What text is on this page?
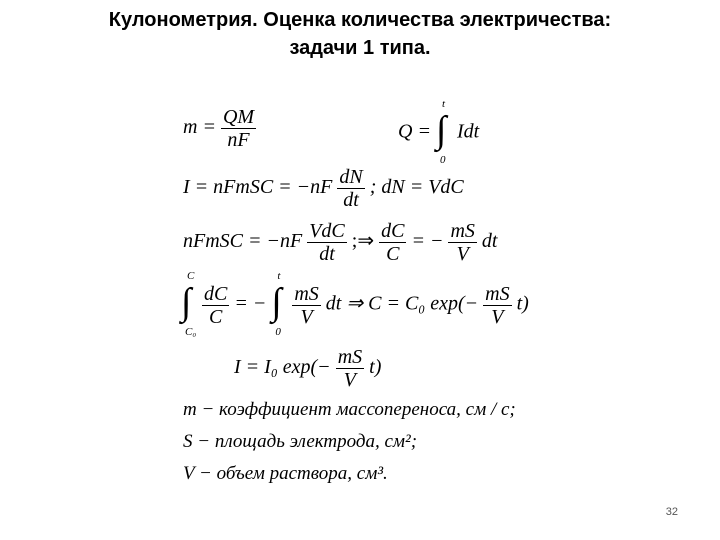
Кулонометрия. Оценка количества электричества:
задачи 1 типа.
$m = \frac{QM}{nF}$	Q = ∫
t
0
Idt
I = nFmSC = $-nF \frac{dN}{dt}$ ; dN = VdC
nFmSC = $-nF \frac{\text{VdC}}{dt}$ ;⇒ $\frac{dC}{C}$ = − $\frac{mS}{V}$ dt
∫
C
C₀

$\frac{dC}{C}$ = − ∫
t
0

$\frac{mS}{V}$ dt ⇒ C = C₀ $\exp(- \frac{mS}{V} t)$
I = I₀ $\exp(- \frac{mS}{V} t)$
m − коэффициент массопереноса, см / с;
S − площадь электрода, см²;
V − объем раствора, см³.
32
